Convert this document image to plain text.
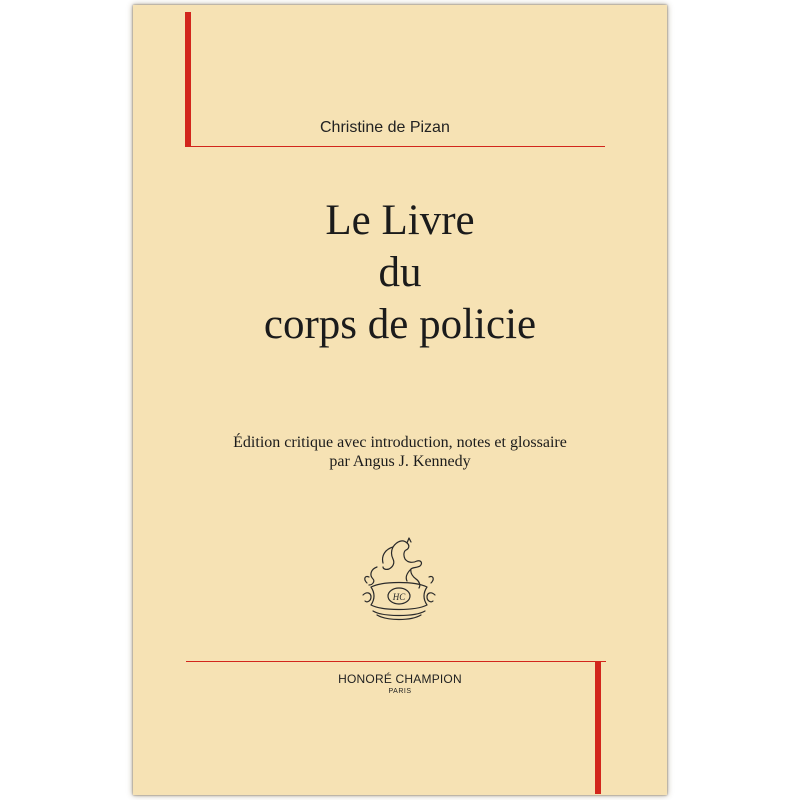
Christine de Pizan
Le Livre
du
corps de policie
Édition critique avec introduction, notes et glossaire
par Angus J. Kennedy
HC
HONORÉ CHAMPION
PARIS
